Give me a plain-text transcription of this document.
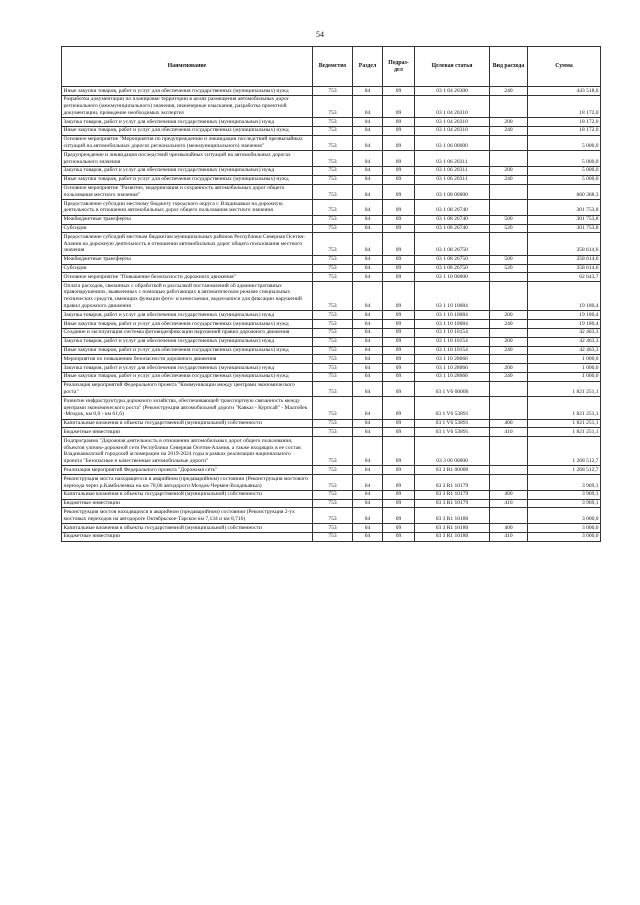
54
Наименование	Ведомство	Раздел	Подраз-дел	Целевая статья	Вид расхода	Сумма
Иные закупки товаров, работ и услуг для обеспечения государственных (муниципальных) нужд	753	04	09	03 1 04 20300	240	443 518,6
Разработка документации по планировке территории в целях размещения автомобильных дорог регионального (межмуниципального) значения, инженерные изыскания, разработка проектной документации, проведение необходимых экспертиз	753	04	09	03 1 04 20310		18 172,0
Закупка товаров, работ и услуг для обеспечения государственных (муниципальных) нужд	753	04	09	03 1 04 20310	200	18 172,0
Иные закупки товаров, работ и услуг для обеспечения государственных (муниципальных) нужд	753	04	09	03 1 04 20310	240	18 172,0
Основное мероприятие "Мероприятия по предупреждению и ликвидации последствий чрезвычайных ситуаций на автомобильных дорогах регионального (межмуниципального) значения"	753	04	09	03 1 06 00000		5 000,0
Предупреждение и ликвидация последствий чрезвычайных ситуаций на автомобильных дорогах регионального значения	753	04	09	03 1 06 20311		5 000,0
Закупка товаров, работ и услуг для обеспечения государственных (муниципальных) нужд	753	04	09	03 1 06 20311	200	5 000,0
Иные закупки товаров, работ и услуг для обеспечения государственных (муниципальных) нужд	753	04	09	03 1 06 20311	240	5 000,0
Основное мероприятие "Развитие, модернизация и сохранность автомобильных дорог общего пользования местного значения"	753	04	09	03 1 08 00000		660 368,3
Предоставление субсидии местному бюджету городского округа г. Владикавказ на дорожную деятельность в отношении автомобильных дорог общего пользования местного значения	753	04	09	03 1 08 26740		301 753,8
Межбюджетные трансферты	753	04	09	03 1 08 26740	500	301 753,8
Субсидии	753	04	09	03 1 08 26740	520	301 753,8
Предоставление субсидий местным бюджетам муниципальных районов Республики Северная Осетия-Алания на дорожную деятельность в отношении автомобильных дорог общего пользования местного значения	753	04	09	03 1 08 26750		358 614,6
Межбюджетные трансферты	753	04	09	03 1 08 26750	500	358 614,6
Субсидии	753	04	09	03 1 08 26750	520	358 614,6
Основное мероприятие "Повышение безопасности дорожного движения"	753	04	09	03 1 10 00000		62 643,7
Оплата расходов, связанных с обработкой и рассылкой постановлений об административных правонарушениях, выявленных с помощью работающих в автоматическом режиме специальных технических средств, имеющих функции фото- и киносъемки, видеозаписи для фиксации нарушений правил дорожного движения	753	04	09	03 1 10 10084		19 180,4
Закупка товаров, работ и услуг для обеспечения государственных (муниципальных) нужд	753	04	09	03 1 10 10084	200	19 180,4
Иные закупки товаров, работ и услуг для обеспечения государственных (муниципальных) нужд	753	04	09	03 1 10 10084	240	19 180,4
Создание и эксплуатация системы фотовидеофиксации нарушений правил дорожного движения	753	04	09	03 1 10 10154		42 463,3
Закупка товаров, работ и услуг для обеспечения государственных (муниципальных) нужд	753	04	09	03 1 10 10154	200	42 463,3
Иные закупки товаров, работ и услуг для обеспечения государственных (муниципальных) нужд	753	04	09	03 1 10 10154	240	42 463,3
Мероприятия по повышению безопасности дорожного движения	753	04	09	03 1 10 28066		1 000,0
Закупка товаров, работ и услуг для обеспечения государственных (муниципальных) нужд	753	04	09	03 1 10 28066	200	1 000,0
Иные закупки товаров, работ и услуг для обеспечения государственных (муниципальных) нужд	753	04	09	03 1 10 28066	240	1 000,0
Реализация мероприятий Федерального проекта "Коммуникации между центрами экономического роста"	753	04	09	03 1 V6 00000		1 821 251,1
Развитие инфраструктуры дорожного хозяйства, обеспечивающей транспортную связанность между центрами экономического роста" (Реконструкция автомобильной дороги "Кавказ - Курпсай" - Малгобек -Моздок, км 0,0 - км 61,6)	753	04	09	03 1 V6 53891		1 821 251,1
Капитальные вложения в объекты государственной (муниципальной) собственности	753	04	09	03 1 V6 53891	400	1 821 251,1
Бюджетные инвестиции	753	04	09	03 1 V6 53891	410	1 821 251,1
Подпрограмма "Дорожная деятельность в отношении автомобильных дорог общего пользования, объектов улично-дорожной сети Республики Северная Осетия-Алания, а также входящих в ее состав Владикавказской городской агломерации на 2019-2024 годы в рамках реализации национального проекта "Безопасные и качественные автомобильные дороги"	753	04	09	03 3 00 00000		1 268 512,7
Реализация мероприятий Федерального проекта "Дорожная сеть"	753	04	09	03 3 R1 00000		1 268 512,7
Реконструкция моста находящегося в аварийном (предаварийном) состоянии (Реконструкция мостового перехода через р.Камбилеевка на км 78,06 автодороги Моздок-Чермен-Владикавказ)	753	04	09	03 3 R1 10179		3 969,1
Капитальные вложения в объекты государственной (муниципальной) собственности	753	04	09	03 3 R1 10179	400	3 969,1
Бюджетные инвестиции	753	04	09	03 3 R1 10179	410	3 969,1
Реконструкция мостов находящихся в аварийном (предаварийном) состоянии (Реконструкция 2-ух мостовых переходов на автодороге Октябрьское-Тарское км 7,134 и км 8,716)	753	04	09	03 3 R1 10180		3 000,0
Капитальные вложения в объекты государственной (муниципальной) собственности	753	04	09	03 3 R1 10180	400	3 000,0
Бюджетные инвестиции	753	04	09	03 3 R1 10180	410	3 000,0
